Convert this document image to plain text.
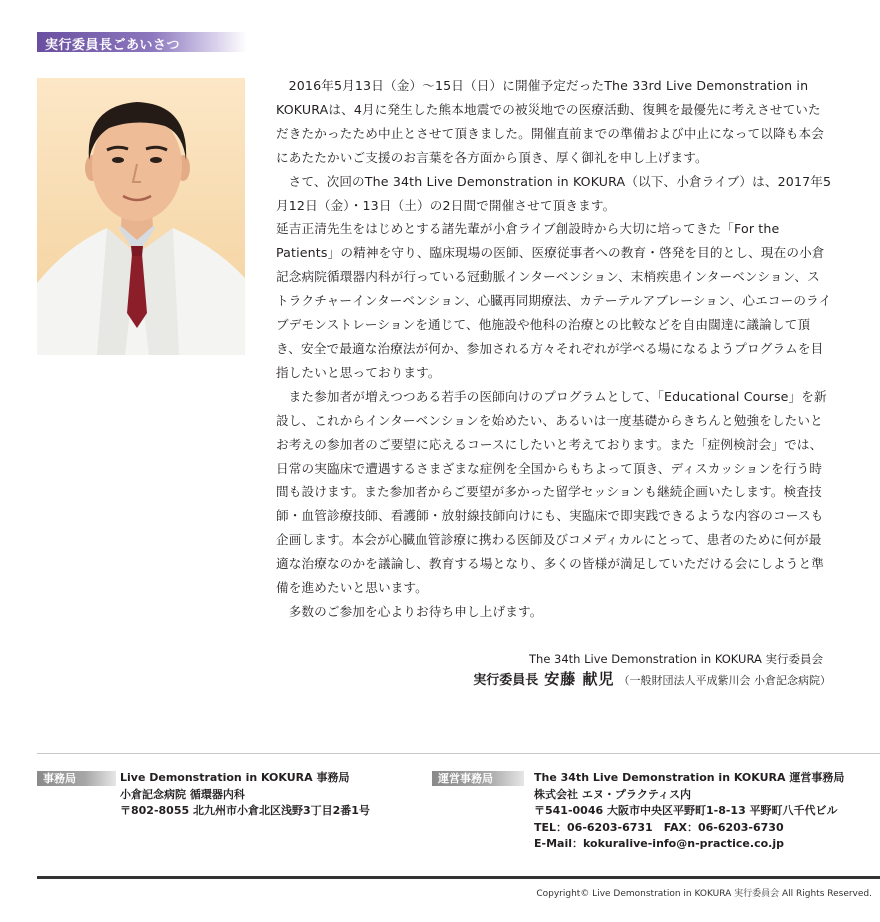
実行委員長ごあいさつ

2016年5月13日（金）～15日（日）に開催予定だったThe 33rd Live Demonstration in KOKURAは、4月に発生した熊本地震での被災地での医療活動、復興を最優先に考えさせていただきたかったため中止とさせて頂きました。開催直前までの準備および中止になって以降も本会にあたたかいご支援のお言葉を各方面から頂き、厚く御礼を申し上げます。

さて、次回のThe 34th Live Demonstration in KOKURA（以下、小倉ライブ）は、2017年5月12日（金）・13日（土）の2日間で開催させて頂きます。

延吉正清先生をはじめとする諸先輩が小倉ライブ創設時から大切に培ってきた「For the Patients」の精神を守り、臨床現場の医師、医療従事者への教育・啓発を目的とし、現在の小倉記念病院循環器内科が行っている冠動脈インターベンション、末梢疾患インターベンション、ストラクチャーインターベンション、心臓再同期療法、カテーテルアブレーション、心エコーのライブデモンストレーションを通じて、他施設や他科の治療との比較などを自由闊達に議論して頂き、安全で最適な治療法が何か、参加される方々それぞれが学べる場になるようプログラムを目指したいと思っております。

また参加者が増えつつある若手の医師向けのプログラムとして、「Educational Course」を新設し、これからインターベンションを始めたい、あるいは一度基礎からきちんと勉強をしたいとお考えの参加者のご要望に応えるコースにしたいと考えております。また「症例検討会」では、日常の実臨床で遭遇するさまざまな症例を全国からもちよって頂き、ディスカッションを行う時間も設けます。また参加者からご要望が多かった留学セッションも継続企画いたします。検査技師・血管診療技師、看護師・放射線技師向けにも、実臨床で即実践できるような内容のコースも企画します。本会が心臓血管診療に携わる医師及びコメディカルにとって、患者のために何が最適な治療なのかを議論し、教育する場となり、多くの皆様が満足していただける会にしようと準備を進めたいと思います。

多数のご参加を心よりお待ち申し上げます。

The 34th Live Demonstration in KOKURA 実行委員会
実行委員長 安藤 献児 （一般財団法人平成紫川会 小倉記念病院）
事務局	Live Demonstration in KOKURA 事務局
小倉記念病院 循環器内科
〒802-8055 北九州市小倉北区浅野3丁目2番1号
運営事務局	The 34th Live Demonstration in KOKURA 運営事務局
株式会社 エヌ・プラクティス内
〒541-0046 大阪市中央区平野町1-8-13 平野町八千代ビル
TEL：06-6203-6731　FAX：06-6203-6730
E-Mail：kokuralive-info@n-practice.co.jp
Copyright© Live Demonstration in KOKURA 実行委員会 All Rights Reserved.
